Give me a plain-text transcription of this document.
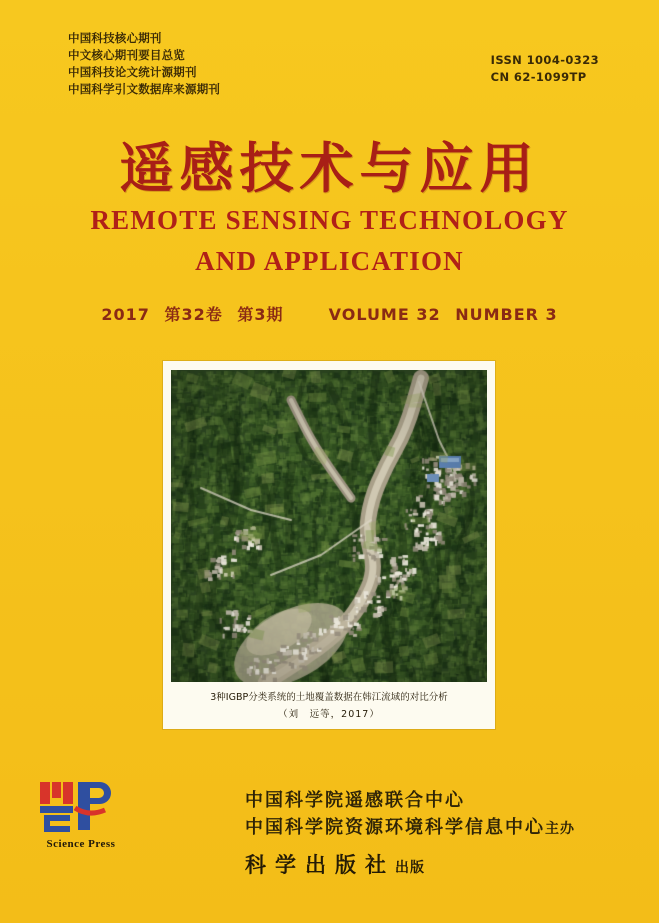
中国科技核心期刊
中文核心期刊要目总览
中国科技论文统计源期刊
中国科学引文数据库来源期刊
ISSN 1004-0323
CN 62-1099TP
遥感技术与应用
REMOTE SENSING TECHNOLOGY
AND APPLICATION
2017 第32卷 第3期	VOLUME 32 NUMBER 3
3种IGBP分类系统的土地覆盖数据在韩江流域的对比分析
（刘　远等，2017）
中国科学院遥感联合中心
中国科学院资源环境科学信息中心主办
科学出版社出版
Science Press
